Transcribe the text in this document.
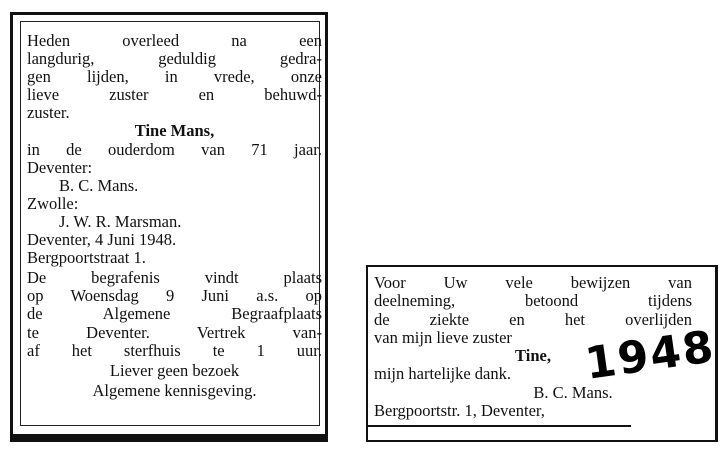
Heden overleed na een
langdurig, geduldig gedra-
gen lijden, in vrede, onze
lieve zuster en behuwd-
zuster.
Tine Mans,
in de ouderdom van 71 jaar.
Deventer:
B. C. Mans.
Zwolle:
J. W. R. Marsman.
Deventer, 4 Juni 1948.
Bergpoortstraat 1.
De begrafenis vindt plaats
op Woensdag 9 Juni a.s. op
de Algemene Begraafplaats
te Deventer. Vertrek van-
af het sterfhuis te 1 uur.
Liever geen bezoek
Algemene kennisgeving.
Voor Uw vele bewijzen van
deelneming, betoond tijdens
de ziekte en het overlijden
van mijn lieve zuster
Tine,
mijn hartelijke dank.
B. C. Mans.
Bergpoortstr. 1, Deventer,
1948
